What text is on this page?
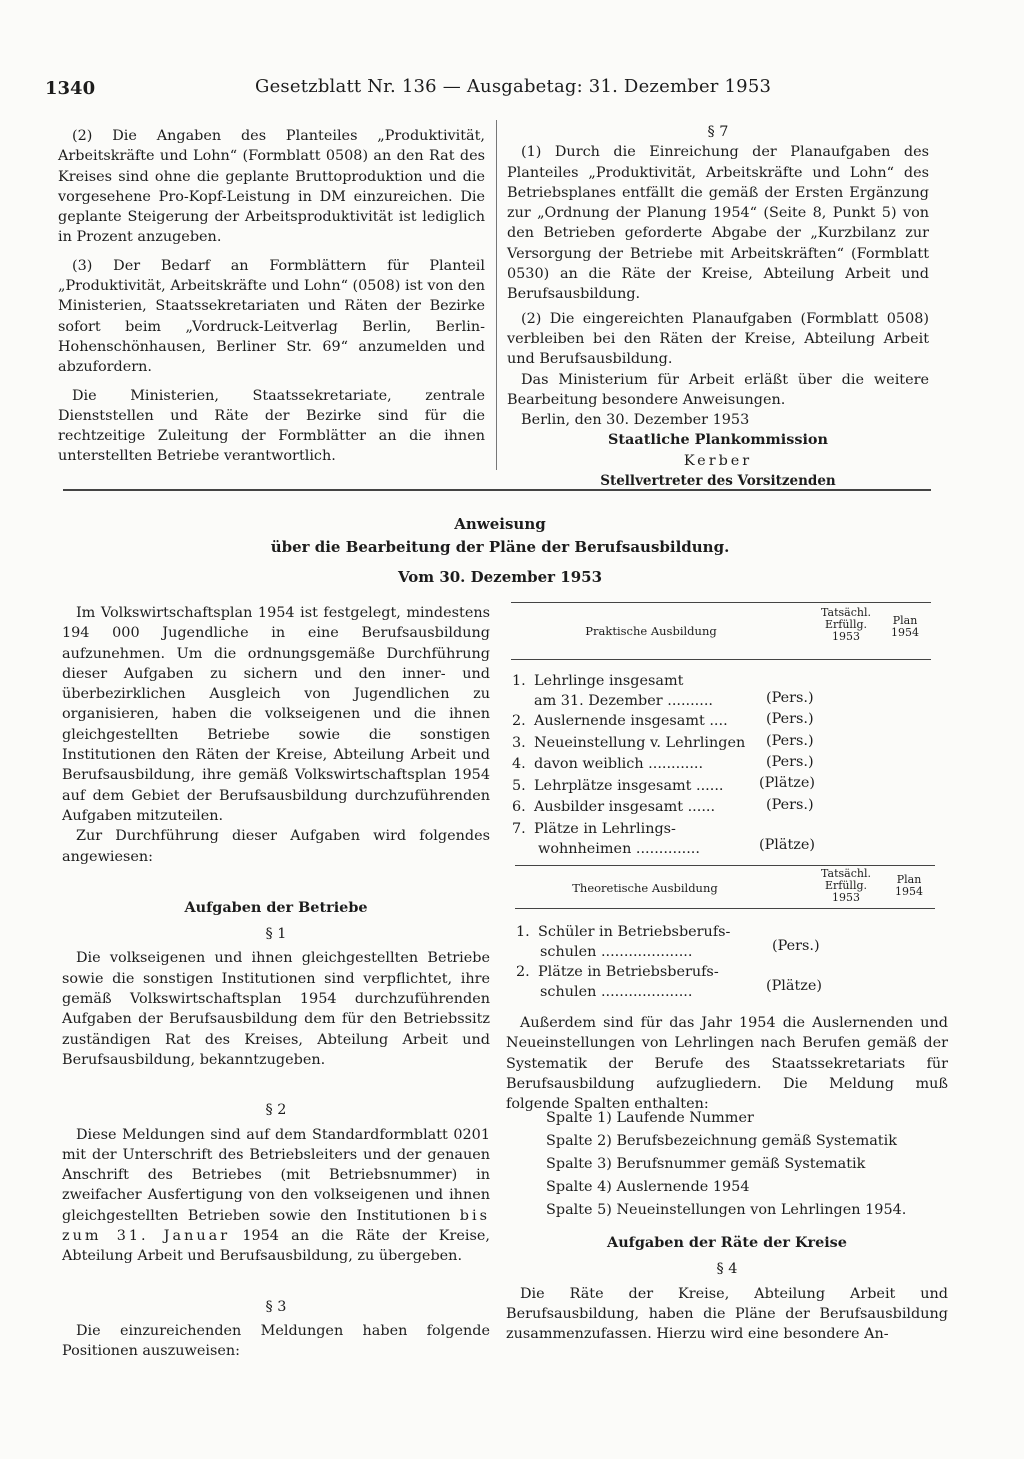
1340	Gesetzblatt Nr. 136 — Ausgabetag: 31. Dezember 1953

(2) Die Angaben des Planteiles „Produktivität, Arbeitskräfte und Lohn“ (Formblatt 0508) an den Rat des Kreises sind ohne die geplante Bruttoproduktion und die vorgesehene Pro-Kopf-Leistung in DM einzureichen. Die geplante Steigerung der Arbeitsproduktivität ist lediglich in Prozent anzugeben.

(3) Der Bedarf an Formblättern für Planteil „Produktivität, Arbeitskräfte und Lohn“ (0508) ist von den Ministerien, Staatssekretariaten und Räten der Bezirke sofort beim „Vordruck-Leitverlag Berlin, Berlin-Hohenschönhausen, Berliner Str. 69“ anzumelden und abzufordern.

Die Ministerien, Staatssekretariate, zentrale Dienststellen und Räte der Bezirke sind für die rechtzeitige Zuleitung der Formblätter an die ihnen unterstellten Betriebe verantwortlich.

§ 7

(1) Durch die Einreichung der Planaufgaben des Planteiles „Produktivität, Arbeitskräfte und Lohn“ des Betriebsplanes entfällt die gemäß der Ersten Ergänzung zur „Ordnung der Planung 1954“ (Seite 8, Punkt 5) von den Betrieben geforderte Abgabe der „Kurzbilanz zur Versorgung der Betriebe mit Arbeitskräften“ (Formblatt 0530) an die Räte der Kreise, Abteilung Arbeit und Berufsausbildung.

(2) Die eingereichten Planaufgaben (Formblatt 0508) verbleiben bei den Räten der Kreise, Abteilung Arbeit und Berufsausbildung.

Das Ministerium für Arbeit erläßt über die weitere Bearbeitung besondere Anweisungen.

Berlin, den 30. Dezember 1953

Staatliche Plankommission

Kerber

Stellvertreter des Vorsitzenden

Anweisung
über die Bearbeitung der Pläne der Berufsausbildung.
Vom 30. Dezember 1953

Im Volkswirtschaftsplan 1954 ist festgelegt, mindestens 194 000 Jugendliche in eine Berufsausbildung aufzunehmen. Um die ordnungsgemäße Durchführung dieser Aufgaben zu sichern und den inner- und überbezirklichen Ausgleich von Jugendlichen zu organisieren, haben die volkseigenen und die ihnen gleichgestellten Betriebe sowie die sonstigen Institutionen den Räten der Kreise, Abteilung Arbeit und Berufsausbildung, ihre gemäß Volkswirtschaftsplan 1954 auf dem Gebiet der Berufsausbildung durchzuführenden Aufgaben mitzuteilen.

Zur Durchführung dieser Aufgaben wird folgendes angewiesen:

Aufgaben der Betriebe

§ 1

Die volkseigenen und ihnen gleichgestellten Betriebe sowie die sonstigen Institutionen sind verpflichtet, ihre gemäß Volkswirtschaftsplan 1954 durchzuführenden Aufgaben der Berufsausbildung dem für den Betriebssitz zuständigen Rat des Kreises, Abteilung Arbeit und Berufsausbildung, bekanntzugeben.

§ 2

Diese Meldungen sind auf dem Standardformblatt 0201 mit der Unterschrift des Betriebsleiters und der genauen Anschrift des Betriebes (mit Betriebsnummer) in zweifacher Ausfertigung von den volkseigenen und ihnen gleichgestellten Betrieben sowie den Institutionen bis zum 31. Januar 1954 an die Räte der Kreise, Abteilung Arbeit und Berufsausbildung, zu übergeben.

§ 3

Die einzureichenden Meldungen haben folgende Positionen auszuweisen:

Praktische Ausbildung
Tatsächl. Erfüllg. 1953
Plan 1954
1. Lehrlinge insgesamt
am 31. Dezember ..........	(Pers.)
2. Auslernende insgesamt ....	(Pers.)
3. Neueinstellung v. Lehrlingen (Pers.)
4. davon weiblich ............	(Pers.)
5. Lehrplätze insgesamt ...... (Plätze)
6. Ausbilder insgesamt ......	(Pers.)
7. Plätze in Lehrlings-
wohnheimen ..............	(Plätze)
Theoretische Ausbildung
Tatsächl. Erfüllg. 1953
Plan 1954
1. Schüler in Betriebsberufs-
schulen ....................	(Pers.)
2. Plätze in Betriebsberufs-
schulen ....................	(Plätze)

Außerdem sind für das Jahr 1954 die Auslernenden und Neueinstellungen von Lehrlingen nach Berufen gemäß der Systematik der Berufe des Staatssekretariats für Berufsausbildung aufzugliedern. Die Meldung muß folgende Spalten enthalten:

Spalte 1) Laufende Nummer
Spalte 2) Berufsbezeichnung gemäß Systematik
Spalte 3) Berufsnummer gemäß Systematik
Spalte 4) Auslernende 1954
Spalte 5) Neueinstellungen von Lehrlingen 1954.

Aufgaben der Räte der Kreise

§ 4

Die Räte der Kreise, Abteilung Arbeit und Berufsausbildung, haben die Pläne der Berufsausbildung zusammenzufassen. Hierzu wird eine besondere An-
